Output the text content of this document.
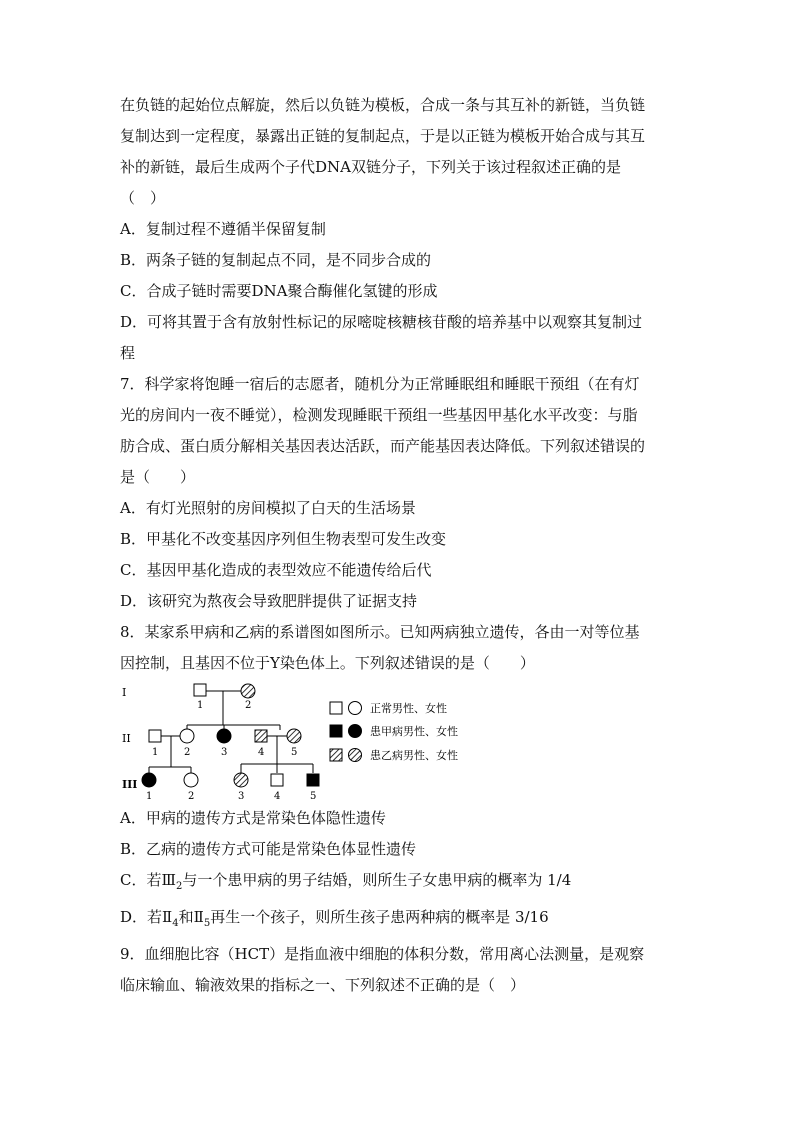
在负链的起始位点解旋，然后以负链为模板，合成一条与其互补的新链，当负链
复制达到一定程度，暴露出正链的复制起点，于是以正链为模板开始合成与其互
补的新链，最后生成两个子代DNA双链分子，下列关于该过程叙述正确的是
（　）
A．复制过程不遵循半保留复制
B．两条子链的复制起点不同，是不同步合成的
C．合成子链时需要DNA聚合酶催化氢键的形成
D．可将其置于含有放射性标记的尿嘧啶核糖核苷酸的培养基中以观察其复制过
程
7．科学家将饱睡一宿后的志愿者，随机分为正常睡眠组和睡眠干预组（在有灯
光的房间内一夜不睡觉），检测发现睡眠干预组一些基因甲基化水平改变：与脂
肪合成、蛋白质分解相关基因表达活跃，而产能基因表达降低。下列叙述错误的
是（　　）
A．有灯光照射的房间模拟了白天的生活场景
B．甲基化不改变基因序列但生物表型可发生改变
C．基因甲基化造成的表型效应不能遗传给后代
D．该研究为熬夜会导致肥胖提供了证据支持
8．某家系甲病和乙病的系谱图如图所示。已知两病独立遗传，各由一对等位基
因控制，且基因不位于Y染色体上。下列叙述错误的是（　　）
I
II
III
1	2
1	2	3	4	5
1	2	3	4	5
正常男性、女性
患甲病男性、女性
患乙病男性、女性
A．甲病的遗传方式是常染色体隐性遗传
B．乙病的遗传方式可能是常染色体显性遗传
C．若$Ⅲ_2$与一个患甲病的男子结婚，则所生子女患甲病的概率为 1/4
D．若$Ⅱ_4$和$Ⅱ_5$再生一个孩子，则所生孩子患两种病的概率是 3/16
9．血细胞比容（HCT）是指血液中细胞的体积分数，常用离心法测量，是观察
临床输血、输液效果的指标之一、下列叙述不正确的是（　）
